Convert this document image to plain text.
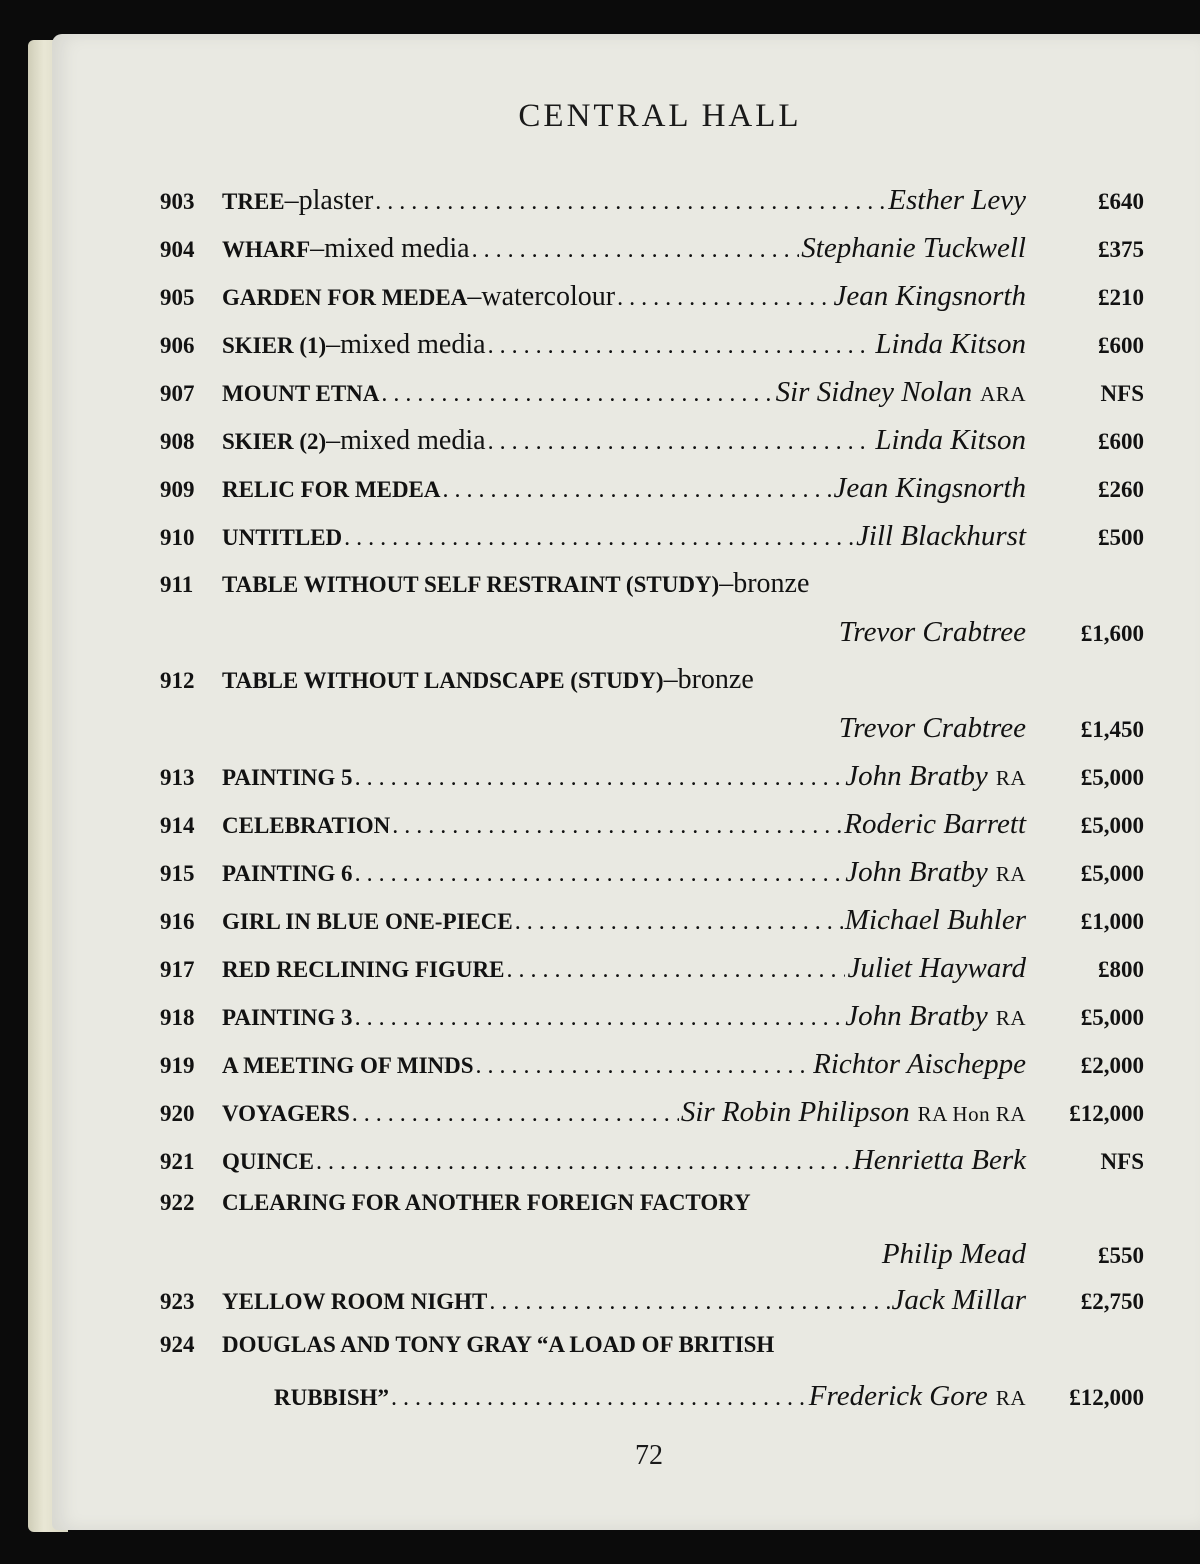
CENTRAL HALL
903	TREE – plaster . . .	Esther Levy	£640
904	WHARF – mixed media . . .	Stephanie Tuckwell	£375
905	GARDEN FOR MEDEA – watercolour . . .	Jean Kingsnorth	£210
906	SKIER (1) – mixed media . . .	Linda Kitson	£600
907	MOUNT ETNA . . .	Sir Sidney Nolan ARA	NFS
908	SKIER (2) – mixed media . . .	Linda Kitson	£600
909	RELIC FOR MEDEA . . .	Jean Kingsnorth	£260
910	UNTITLED . . .	Jill Blackhurst	£500
911	TABLE WITHOUT SELF RESTRAINT (STUDY) – bronze
Trevor Crabtree	£1,600
912	TABLE WITHOUT LANDSCAPE (STUDY) – bronze
Trevor Crabtree	£1,450
913	PAINTING 5 . . .	John Bratby RA	£5,000
914	CELEBRATION . . .	Roderic Barrett	£5,000
915	PAINTING 6 . . .	John Bratby RA	£5,000
916	GIRL IN BLUE ONE-PIECE . . .	Michael Buhler	£1,000
917	RED RECLINING FIGURE . . .	Juliet Hayward	£800
918	PAINTING 3 . . .	John Bratby RA	£5,000
919	A MEETING OF MINDS . . .	Richtor Aischeppe	£2,000
920	VOYAGERS . . .	Sir Robin Philipson RA Hon RA	£12,000
921	QUINCE . . .	Henrietta Berk	NFS
922	CLEARING FOR ANOTHER FOREIGN FACTORY
Philip Mead	£550
923	YELLOW ROOM NIGHT . . .	Jack Millar	£2,750
924	DOUGLAS AND TONY GRAY “A LOAD OF BRITISH
RUBBISH” . . .	Frederick Gore RA	£12,000
72
